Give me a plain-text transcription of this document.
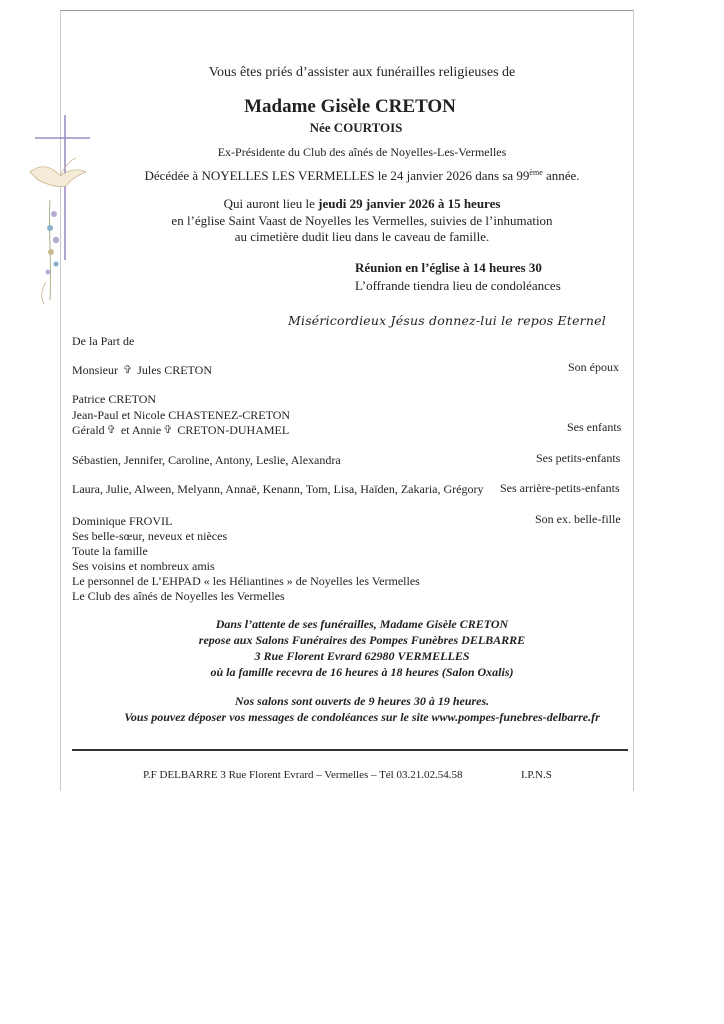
Vous êtes priés d’assister aux funérailles religieuses de
Madame Gisèle CRETON
Née COURTOIS
Ex-Présidente du Club des aînés de Noyelles-Les-Vermelles
Décédée à NOYELLES LES VERMELLES le 24 janvier 2026 dans sa 99ème année.
Qui auront lieu le jeudi 29 janvier 2026 à 15 heures
en l’église Saint Vaast de Noyelles les Vermelles, suivies de l’inhumation
au cimetière dudit lieu dans le caveau de famille.
Réunion en l’église à 14 heures 30
L’offrande tiendra lieu de condoléances
Miséricordieux Jésus donnez-lui le repos Eternel
De la Part de
Monsieur ✞ Jules CRETON	Son époux
Patrice CRETON
Jean-Paul et Nicole CHASTENEZ-CRETON
Gérald ✞ et Annie ✞ CRETON-DUHAMEL	Ses enfants
Sébastien, Jennifer, Caroline, Antony, Leslie, Alexandra	Ses petits-enfants
Laura, Julie, Alween, Melyann, Annaë, Kenann, Tom, Lisa, Haïden, Zakaria, Grégory Ses arrière-petits-enfants
Dominique FROVIL	Son ex. belle-fille
Ses belle-sœur, neveux et nièces
Toute la famille
Ses voisins et nombreux amis
Le personnel de L’EHPAD « les Héliantines » de Noyelles les Vermelles
Le Club des aînés de Noyelles les Vermelles
Dans l’attente de ses funérailles, Madame Gisèle CRETON
repose aux Salons Funéraires des Pompes Funèbres DELBARRE
3 Rue Florent Evrard 62980 VERMELLES
où la famille recevra de 16 heures à 18 heures (Salon Oxalis)
Nos salons sont ouverts de 9 heures 30 à 19 heures.
Vous pouvez déposer vos messages de condoléances sur le site www.pompes-funebres-delbarre.fr
P.F DELBARRE 3 Rue Florent Evrard – Vermelles – Tél 03.21.02.54.58	I.P.N.S
